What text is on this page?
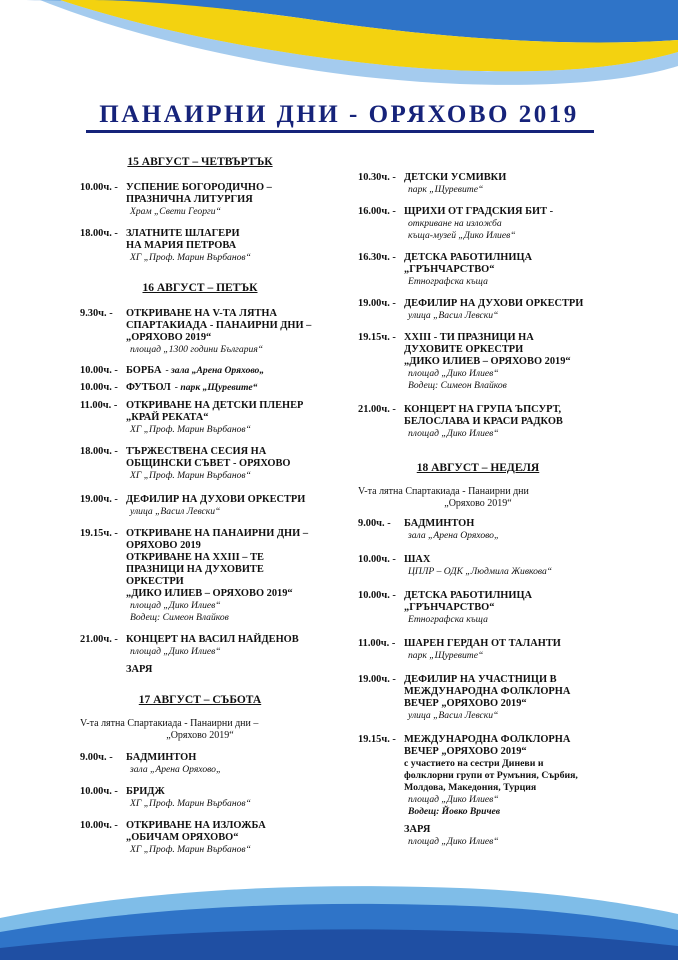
ПАНАИРНИ ДНИ - ОРЯХОВО 2019
15 АВГУСТ – ЧЕТВЪРТЪК
10.00ч. - УСПЕНИЕ БОГОРОДИЧНО –
ПРАЗНИЧНА ЛИТУРГИЯ
Храм „Свети Георги“
18.00ч. - ЗЛАТНИТЕ ШЛАГЕРИ
НА МАРИЯ ПЕТРОВА
ХГ „Проф. Марин Върбанов“
16 АВГУСТ – ПЕТЪК
9.30ч. -	ОТКРИВАНЕ НА V-ТА ЛЯТНА
СПАРТАКИАДА - ПАНАИРНИ ДНИ –
„ОРЯХОВО 2019“
площад „1300 години България“
10.00ч. - БОРБА - зала „Арена Оряхово„
10.00ч. - ФУТБОЛ - парк „Щуревите“
11.00ч. - ОТКРИВАНЕ НА ДЕТСКИ ПЛЕНЕР
„КРАЙ РЕКАТА“
ХГ „Проф. Марин Върбанов“
18.00ч. - ТЪРЖЕСТВЕНА СЕСИЯ НА
ОБЩИНСКИ СЪВЕТ - ОРЯХОВО
ХГ „Проф. Марин Върбанов“
19.00ч. - ДЕФИЛИР НА ДУХОВИ ОРКЕСТРИ
улица „Васил Левски“
19.15ч. - ОТКРИВАНЕ НА ПАНАИРНИ ДНИ –
ОРЯХОВО 2019
ОТКРИВАНЕ НА XXIII – ТЕ
ПРАЗНИЦИ НА ДУХОВИТЕ
ОРКЕСТРИ
„ДИКО ИЛИЕВ – ОРЯХОВО 2019“
площад „Дико Илиев“
Водещ: Симеон Влайков
21.00ч. - КОНЦЕРТ НА ВАСИЛ НАЙДЕНОВ
площад „Дико Илиев“
ЗАРЯ
17 АВГУСТ – СЪБОТА
V-та лятна Спартакиада - Панаирни дни –
„Оряхово 2019“
9.00ч. -	БАДМИНТОН
зала „Арена Оряхово„
10.00ч. - БРИДЖ
ХГ „Проф. Марин Върбанов“
10.00ч. - ОТКРИВАНЕ НА ИЗЛОЖБА
„ОБИЧАМ ОРЯХОВО“
ХГ „Проф. Марин Върбанов“
10.30ч. - ДЕТСКИ УСМИВКИ
парк „Щуревите“
16.00ч. - ЩРИХИ ОТ ГРАДСКИЯ БИТ -
откриване на изложба
къща-музей „Дико Илиев“
16.30ч. - ДЕТСКА РАБОТИЛНИЦА
„ГРЪНЧАРСТВО“
Етнографска къща
19.00ч. - ДЕФИЛИР НА ДУХОВИ ОРКЕСТРИ
улица „Васил Левски“
19.15ч. - XXIII - ТИ ПРАЗНИЦИ НА
ДУХОВИТЕ ОРКЕСТРИ
„ДИКО ИЛИЕВ – ОРЯХОВО 2019“
площад „Дико Илиев“
Водещ: Симеон Влайков
21.00ч. - КОНЦЕРТ НА ГРУПА ЪПСУРТ,
БЕЛОСЛАВА И КРАСИ РАДКОВ
площад „Дико Илиев“
18 АВГУСТ – НЕДЕЛЯ
V-та лятна Спартакиада - Панаирни дни
„Оряхово 2019“
9.00ч. -	БАДМИНТОН
зала „Арена Оряхово„
10.00ч. - ШАХ
ЦПЛР – ОДК „Людмила Живкова“
10.00ч. - ДЕТСКА РАБОТИЛНИЦА
„ГРЪНЧАРСТВО“
Етнографска къща
11.00ч. - ШАРЕН ГЕРДАН ОТ ТАЛАНТИ
парк „Щуревите“
19.00ч. - ДЕФИЛИР НА УЧАСТНИЦИ В
МЕЖДУНАРОДНА ФОЛКЛОРНА
ВЕЧЕР „ОРЯХОВО 2019“
улица „Васил Левски“
19.15ч. - МЕЖДУНАРОДНА ФОЛКЛОРНА
ВЕЧЕР „ОРЯХОВО 2019“
с участието на сестри Диневи и
фолклорни групи от Румъния, Сърбия,
Молдова, Македония, Турция
площад „Дико Илиев“
Водещ: Йовко Вричев
ЗАРЯ
площад „Дико Илиев“
